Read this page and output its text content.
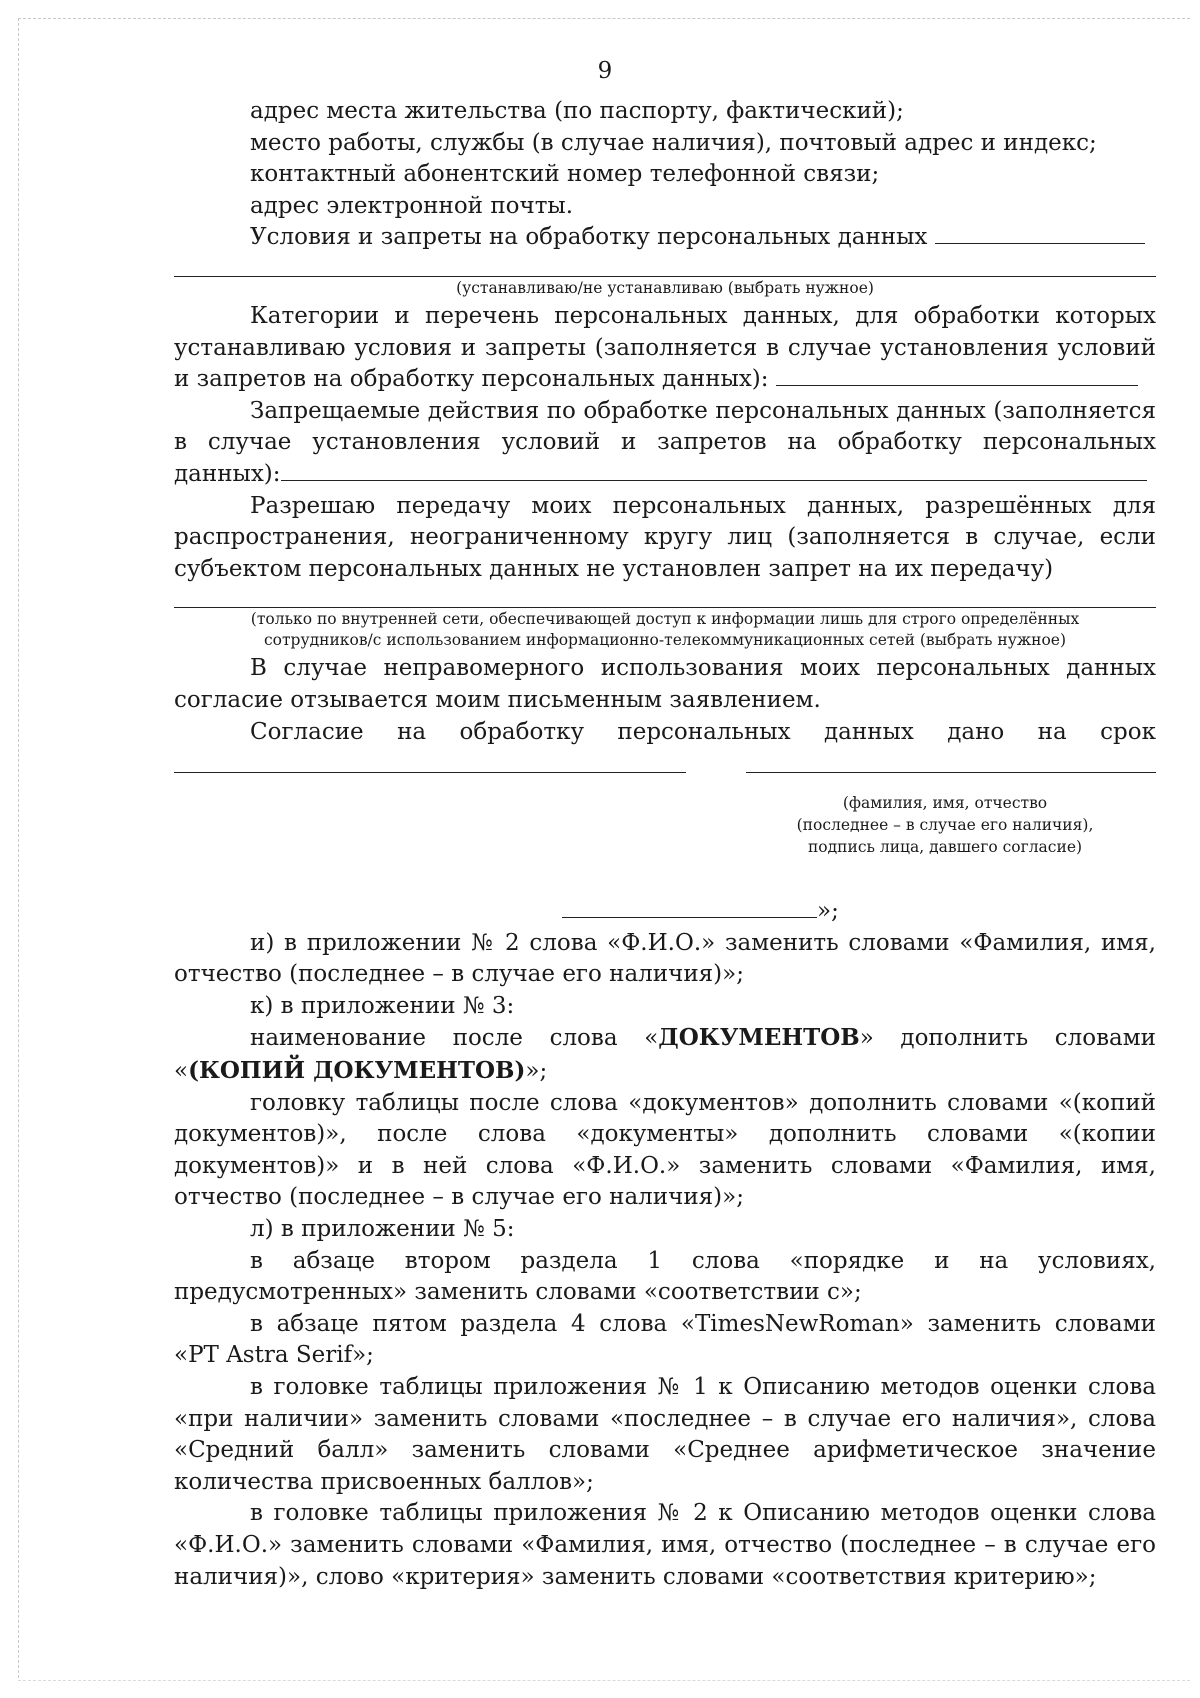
9

адрес места жительства (по паспорту, фактический);

место работы, службы (в случае наличия), почтовый адрес и индекс;

контактный абонентский номер телефонной связи;

адрес электронной почты.

Условия и запреты на обработку персональных данных

(устанавливаю/не устанавливаю (выбрать нужное)

Категории и перечень персональных данных, для обработки которых устанавливаю условия и запреты (заполняется в случае установления условий и запретов на обработку персональных данных):

Запрещаемые действия по обработке персональных данных (заполняется в случае установления условий и запретов на обработку персональных данных):

Разрешаю передачу моих персональных данных, разрешённых для распространения, неограниченному кругу лиц (заполняется в случае, если субъектом персональных данных не установлен запрет на их передачу)

(только по внутренней сети, обеспечивающей доступ к информации лишь для строго определённых
сотрудников/с использованием информационно-телекоммуникационных сетей (выбрать нужное)

В случае неправомерного использования моих персональных данных согласие отзывается моим письменным заявлением.

Согласие на обработку персональных данных дано на срок
(фамилия, имя, отчество
(последнее – в случае его наличия),
подпись лица, давшего согласие)
»;

и) в приложении № 2 слова «Ф.И.О.» заменить словами «Фамилия, имя, отчество (последнее – в случае его наличия)»;

к) в приложении № 3:

наименование после слова «ДОКУМЕНТОВ» дополнить словами «(КОПИЙ ДОКУМЕНТОВ)»;

головку таблицы после слова «документов» дополнить словами «(копий документов)», после слова «документы» дополнить словами «(копии документов)» и в ней слова «Ф.И.О.» заменить словами «Фамилия, имя, отчество (последнее – в случае его наличия)»;

л) в приложении № 5:

в абзаце втором раздела 1 слова «порядке и на условиях, предусмотренных» заменить словами «соответствии с»;

в абзаце пятом раздела 4 слова «TimesNewRoman» заменить словами «PT Astra Serif»;

в головке таблицы приложения № 1 к Описанию методов оценки слова «при наличии» заменить словами «последнее – в случае его наличия», слова «Средний балл» заменить словами «Среднее арифметическое значение количества присвоенных баллов»;

в головке таблицы приложения № 2 к Описанию методов оценки слова «Ф.И.О.» заменить словами «Фамилия, имя, отчество (последнее – в случае его наличия)», слово «критерия» заменить словами «соответствия критерию»;
